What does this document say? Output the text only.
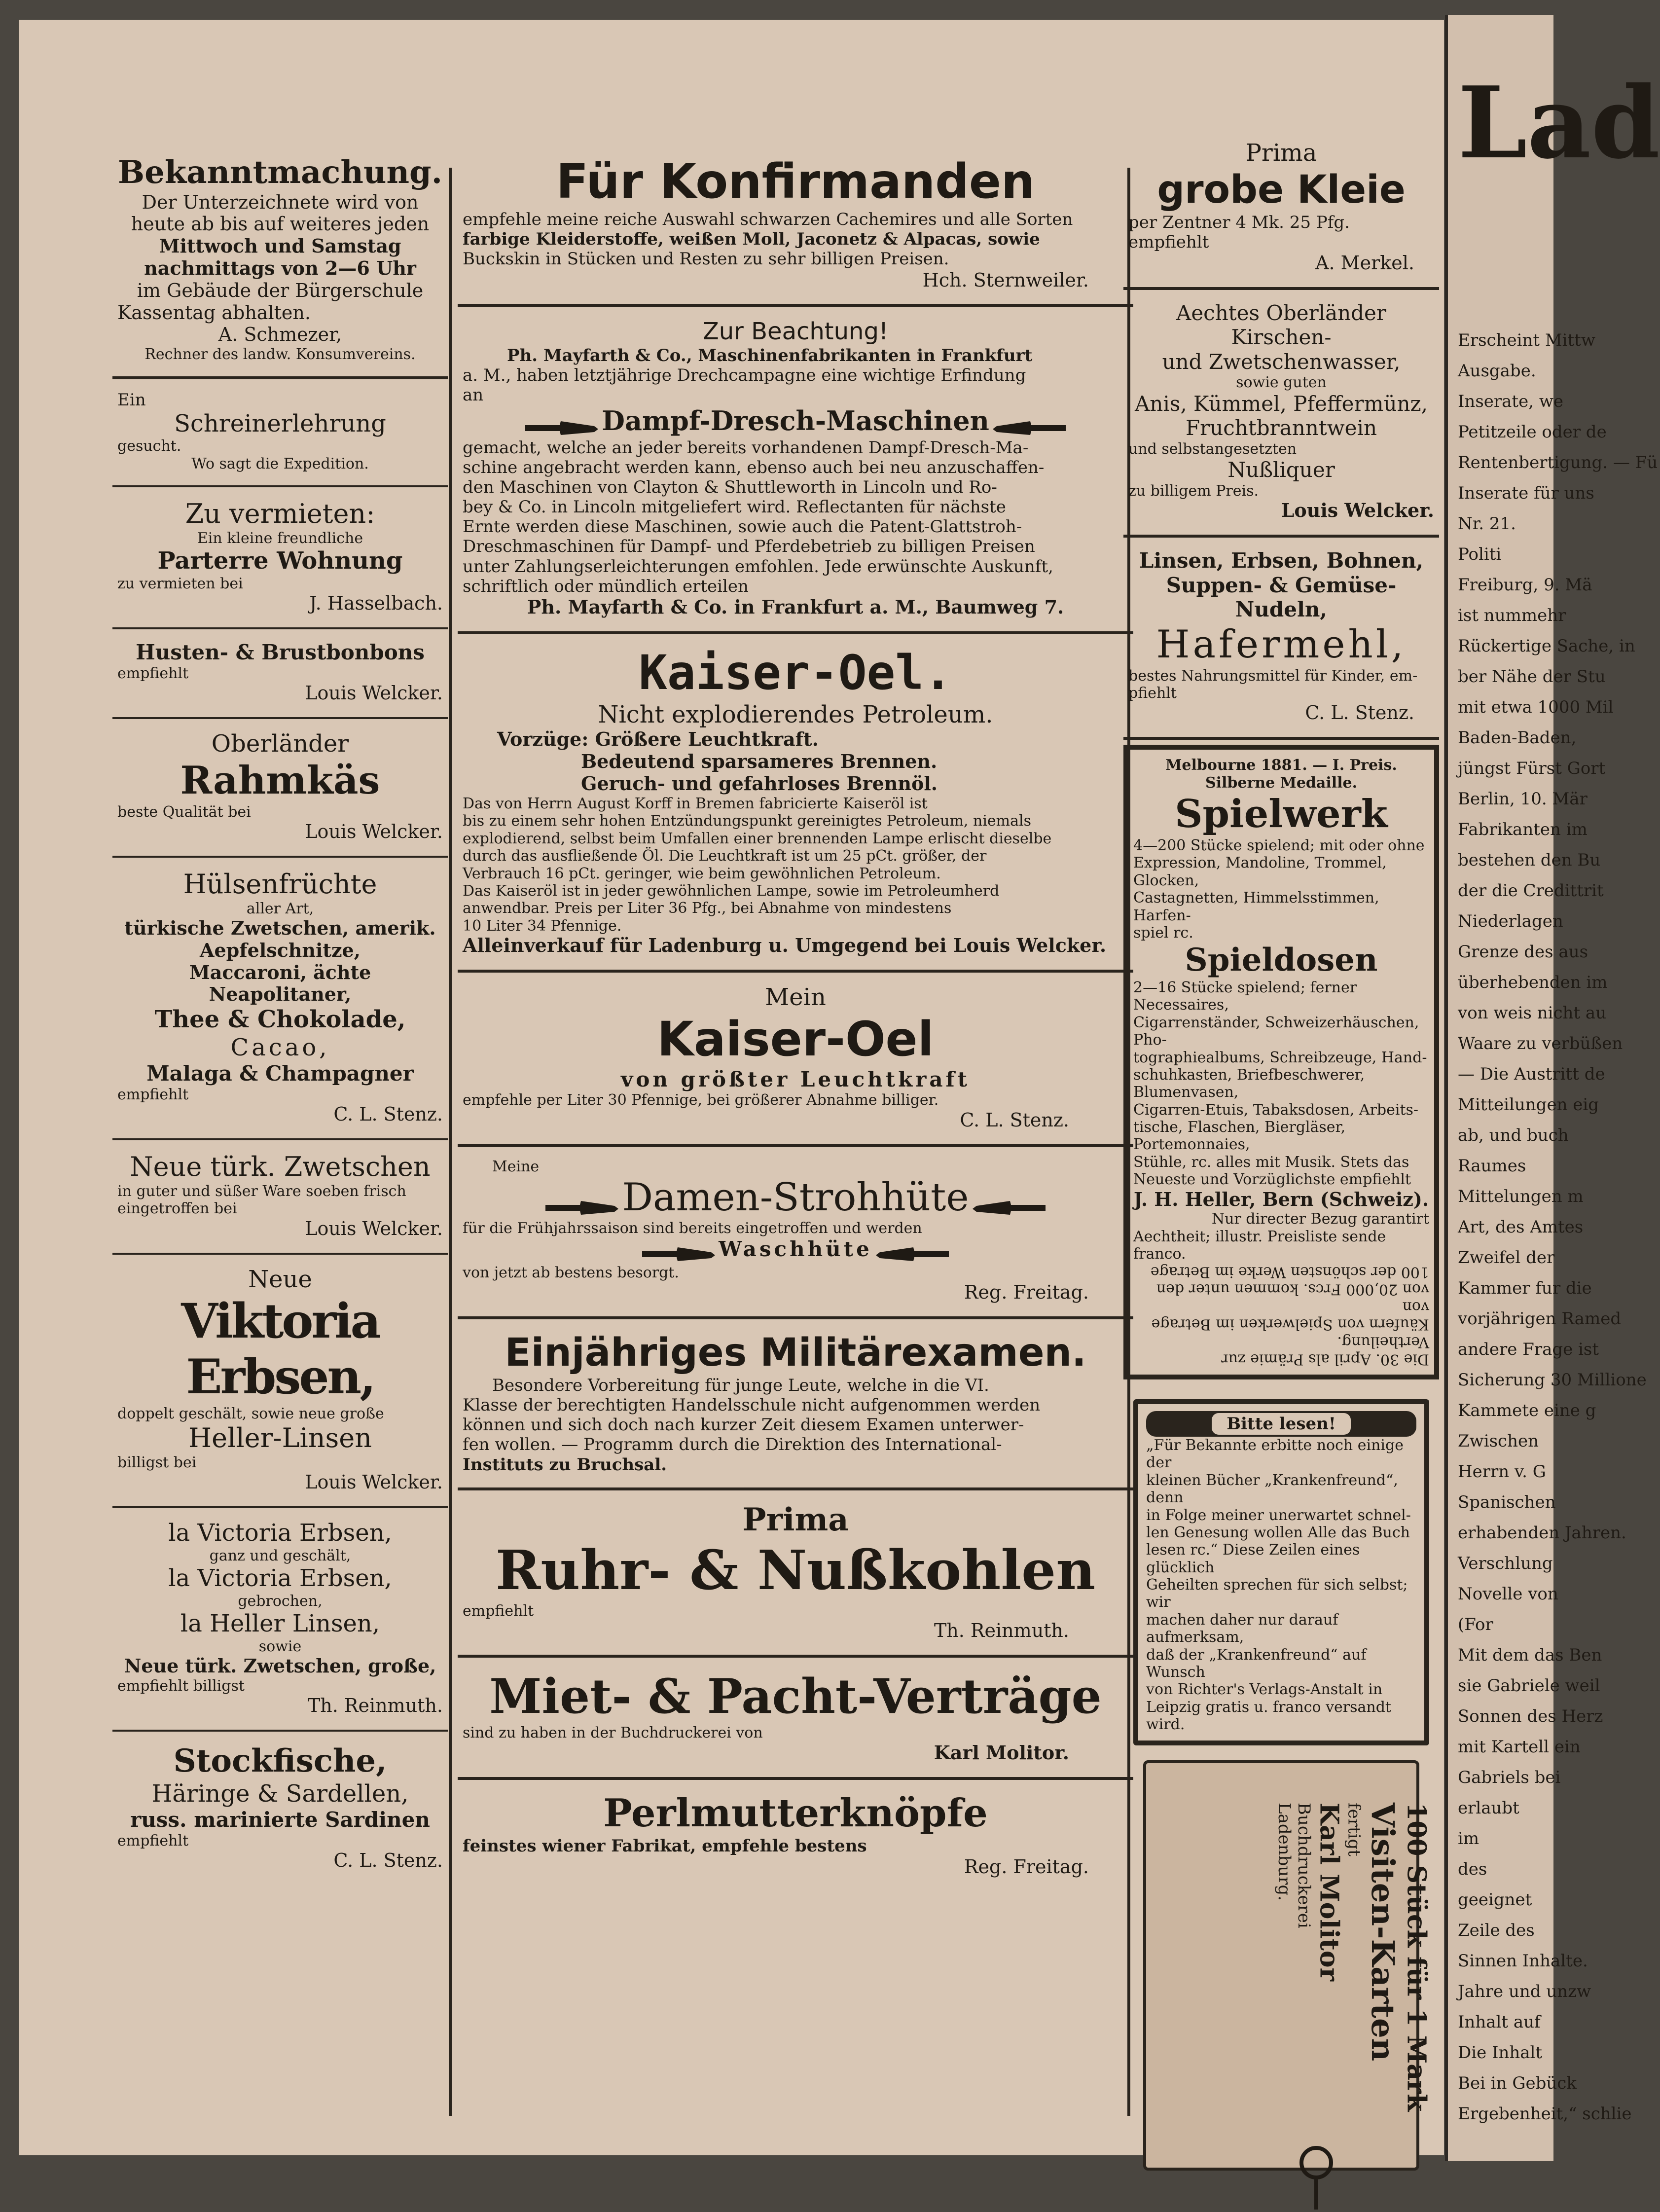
Bekanntmachung.
Der Unterzeichnete wird von
heute ab bis auf weiteres jeden
Mittwoch und Samstag
nachmittags von 2—6 Uhr
im Gebäude der Bürgerschule
Kassentag abhalten.
A. Schmezer,
Rechner des landw. Konsumvereins.
Ein
Schreinerlehrung
gesucht.
Wo sagt die Expedition.
Zu vermieten:
Ein kleine freundliche
Parterre Wohnung
zu vermieten bei
J. Hasselbach.
Husten- & Brustbonbons
empfiehlt
Louis Welcker.
Oberländer
Rahmkäs
beste Qualität bei
Louis Welcker.
Hülsenfrüchte
aller Art,
türkische Zwetschen, amerik.
Aepfelschnitze,
Maccaroni, ächte Neapolitaner,
Thee & Chokolade,
Cacao,
Malaga & Champagner
empfiehlt
C. L. Stenz.
Neue türk. Zwetschen
in guter und süßer Ware soeben frisch
eingetroffen bei
Louis Welcker.
Neue
Viktoria Erbsen,
doppelt geschält, sowie neue große
Heller-Linsen
billigst bei
Louis Welcker.
la Victoria Erbsen,
ganz und geschält,
la Victoria Erbsen,
gebrochen,
la Heller Linsen,
sowie
Neue türk. Zwetschen, große,
empfiehlt billigst
Th. Reinmuth.
Stockfische,
Häringe & Sardellen,
russ. marinierte Sardinen
empfiehlt
C. L. Stenz.
Für Konfirmanden
empfehle meine reiche Auswahl schwarzen Cachemires und alle Sorten
farbige Kleiderstoffe, weißen Moll, Jaconetz & Alpacas, sowie
Buckskin in Stücken und Resten zu sehr billigen Preisen.
Hch. Sternweiler.
Zur Beachtung!
Ph. Mayfarth & Co., Maschinenfabrikanten in Frankfurt
a. M., haben letztjährige Drechcampagne eine wichtige Erfindung
an
Dampf-Dresch-Maschinen
gemacht, welche an jeder bereits vorhandenen Dampf-Dresch-Ma-
schine angebracht werden kann, ebenso auch bei neu anzuschaffen-
den Maschinen von Clayton & Shuttleworth in Lincoln und Ro-
bey & Co. in Lincoln mitgeliefert wird. Reflectanten für nächste
Ernte werden diese Maschinen, sowie auch die Patent-Glattstroh-
Dreschmaschinen für Dampf- und Pferdebetrieb zu billigen Preisen
unter Zahlungserleichterungen emfohlen. Jede erwünschte Auskunft,
schriftlich oder mündlich erteilen
Ph. Mayfarth & Co. in Frankfurt a. M., Baumweg 7.
Kaiser-Oel.
Nicht explodierendes Petroleum.
Vorzüge: Größere Leuchtkraft.
Bedeutend sparsameres Brennen.
Geruch- und gefahrloses Brennöl.
Das von Herrn August Korff in Bremen fabricierte Kaiseröl ist
bis zu einem sehr hohen Entzündungspunkt gereinigtes Petroleum, niemals
explodierend, selbst beim Umfallen einer brennenden Lampe erlischt dieselbe
durch das ausfließende Öl. Die Leuchtkraft ist um 25 pCt. größer, der
Verbrauch 16 pCt. geringer, wie beim gewöhnlichen Petroleum.
Das Kaiseröl ist in jeder gewöhnlichen Lampe, sowie im Petroleumherd
anwendbar. Preis per Liter 36 Pfg., bei Abnahme von mindestens
10 Liter 34 Pfennige.
Alleinverkauf für Ladenburg u. Umgegend bei Louis Welcker.
Mein
Kaiser-Oel
von größter Leuchtkraft
empfehle per Liter 30 Pfennige, bei größerer Abnahme billiger.
C. L. Stenz.
Meine
Damen-Strohhüte
für die Frühjahrssaison sind bereits eingetroffen und werden
Waschhüte
von jetzt ab bestens besorgt.
Reg. Freitag.
Einjähriges Militärexamen.
Besondere Vorbereitung für junge Leute, welche in die VI.
Klasse der berechtigten Handelsschule nicht aufgenommen werden
können und sich doch nach kurzer Zeit diesem Examen unterwer-
fen wollen. — Programm durch die Direktion des International-
Instituts zu Bruchsal.
Prima
Ruhr- & Nußkohlen
empfiehlt
Th. Reinmuth.
Miet- & Pacht-Verträge
sind zu haben in der Buchdruckerei von
Karl Molitor.
Perlmutterknöpfe
feinstes wiener Fabrikat, empfehle bestens
Reg. Freitag.
Prima
grobe Kleie
per Zentner 4 Mk. 25 Pfg. empfiehlt
A. Merkel.
Aechtes Oberländer Kirschen-
und Zwetschenwasser,
sowie guten
Anis, Kümmel, Pfeffermünz,
Fruchtbranntwein
und selbstangesetzten
Nußliquer
zu billigem Preis.
Louis Welcker.
Linsen, Erbsen, Bohnen,
Suppen- & Gemüse-Nudeln,
Hafermehl,
bestes Nahrungsmittel für Kinder, em-
pfiehlt
C. L. Stenz.
Melbourne 1881. — I. Preis.
Silberne Medaille.
Spielwerk
4—200 Stücke spielend; mit oder ohne
Expression, Mandoline, Trommel, Glocken,
Castagnetten, Himmelsstimmen, Harfen-
spiel rc.
Spieldosen
2—16 Stücke spielend; ferner Necessaires,
Cigarrenständer, Schweizerhäuschen, Pho-
tographiealbums, Schreibzeuge, Hand-
schuhkasten, Briefbeschwerer, Blumenvasen,
Cigarren-Etuis, Tabaksdosen, Arbeits-
tische, Flaschen, Biergläser, Portemonnaies,
Stühle, rc. alles mit Musik. Stets das
Neueste und Vorzüglichste empfiehlt
J. H. Heller, Bern (Schweiz).
Nur directer Bezug garantirt
Aechtheit; illustr. Preisliste sende franco.
Die 30. April als Prämie zur Vertheilung.
Käufern von Spielwerken im Betrage von
von 20,000 Frcs. kommen unter den
100 der schönsten Werke im Betrage
Bitte lesen!
„Für Bekannte erbitte noch einige der
kleinen Bücher „Krankenfreund“, denn
in Folge meiner unerwartet schnel-
len Genesung wollen Alle das Buch
lesen rc.“ Diese Zeilen eines glücklich
Geheilten sprechen für sich selbst; wir
machen daher nur darauf aufmerksam,
daß der „Krankenfreund“ auf Wunsch
von Richter's Verlags-Anstalt in
Leipzig gratis u. franco versandt wird.
100 Stück für 1 Mark
Visiten-Karten
fertigt
Karl Molitor
Buchdruckerei
Ladenburg.
Lad
Erscheint Mittw
Ausgabe.
Inserate, we
Petitzeile oder de
Rentenbertigung. — Fü
Inserate für uns
Nr. 21.
Politi
Freiburg, 9. Mä
ist nummehr
Rückertige Sache, in
ber Nähe der Stu
mit etwa 1000 Mil
Baden-Baden,
jüngst Fürst Gort
Berlin, 10. Mär
Fabrikanten im
bestehen den Bu
der die Credittrit
Niederlagen
Grenze des aus
überhebenden im
von weis nicht au
Waare zu verbüßen
— Die Austritt de
Mitteilungen eig
ab, und buch
Raumes
Mittelungen m
Art, des Amtes
Zweifel der
Kammer fur die
vorjährigen Ramed
andere Frage ist
Sicherung 30 Millione
Kammete eine g
Zwischen
Herrn v. G
Spanischen
erhabenden Jahren.
Verschlung
Novelle von
(For
Mit dem das Ben
sie Gabriele weil
Sonnen des Herz
mit Kartell ein
Gabriels bei
erlaubt
im
des
geeignet
Zeile des
Sinnen Inhalte.
Jahre und unzw
Inhalt auf
Die Inhalt
Bei in Gebück
Ergebenheit,“ schlie
